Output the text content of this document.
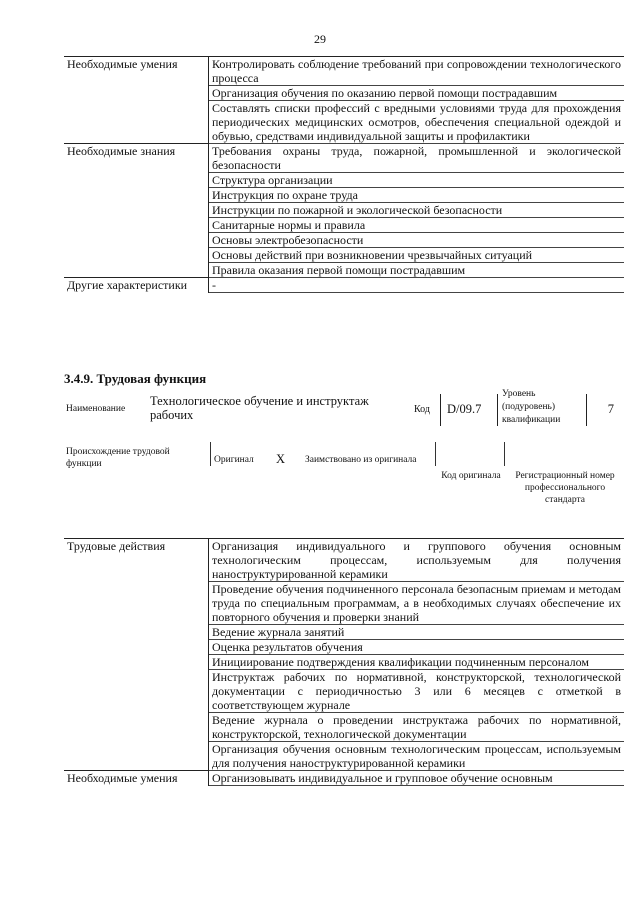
29
Необходимые умения	Контролировать соблюдение требований при сопровождении технологического процесса
	Организация обучения по оказанию первой помощи пострадавшим
	Составлять списки профессий с вредными условиями труда для прохождения периодических медицинских осмотров, обеспечения специальной одеждой и обувью, средствами индивидуальной защиты и профилактики
Необходимые знания	Требования охраны труда, пожарной, промышленной и экологической безопасности
	Структура организации
	Инструкция по охране труда
	Инструкции по пожарной и экологической безопасности
	Санитарные нормы и правила
	Основы электробезопасности
	Основы действий при возникновении чрезвычайных ситуаций
	Правила оказания первой помощи пострадавшим
Другие характеристики	-
3.4.9. Трудовая функция
Наименование
Технологическое обучение и инструктаж рабочих	Код	D/09.7
Уровень (подуровень) квалификации
7
Происхождение трудовой функции	Оригинал X Заимствовано из оригинала
Код оригинала	Регистрационный номер профессионального стандарта
Трудовые действия	Организация индивидуального и группового обучения основным технологическим процессам, используемым для получения наноструктурированной керамики
	Проведение обучения подчиненного персонала безопасным приемам и методам труда по специальным программам, а в необходимых случаях обеспечение их повторного обучения и проверки знаний
	Ведение журнала занятий
	Оценка результатов обучения
	Инициирование подтверждения квалификации подчиненным персоналом
	Инструктаж рабочих по нормативной, конструкторской, технологической документации с периодичностью 3 или 6 месяцев с отметкой в соответствующем журнале
	Ведение журнала о проведении инструктажа рабочих по нормативной, конструкторской, технологической документации
	Организация обучения основным технологическим процессам, используемым для получения наноструктурированной керамики
Необходимые умения	Организовывать индивидуальное и групповое обучение основным
